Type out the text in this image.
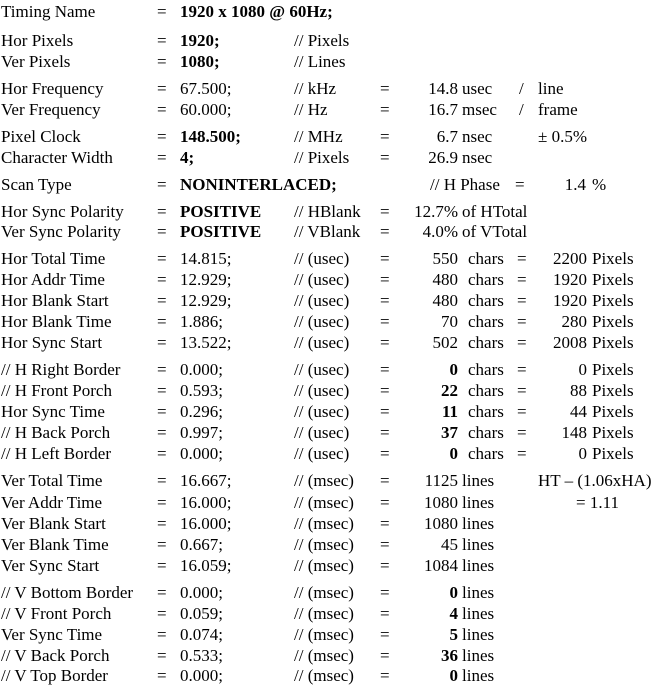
Timing Name	= 1920 x 1080 @ 60Hz;
Hor Pixels	= 1920;	// Pixels
Ver Pixels	= 1080;	// Lines
Hor Frequency	= 67.500;	// kHz	=	14.8 usec / line
Ver Frequency	= 60.000;	// Hz	=	16.7 msec / frame
Pixel Clock	= 148.500;	// MHz =	6.7 nsec	± 0.5%
Character Width	= 4;	// Pixels =	26.9 nsec
Scan Type	= NONINTERLACED;	// H Phase =	1.4 %
Hor Sync Polarity = POSITIVE // HBlank =	12.7% of HTotal
Ver Sync Polarity = POSITIVE // VBlank =	4.0% of VTotal
Hor Total Time	= 14.815;	// (usec) =	550 chars =	2200 Pixels
Hor Addr Time	= 12.929;	// (usec) =	480 chars =	1920 Pixels
Hor Blank Start	= 12.929;	// (usec) =	480 chars =	1920 Pixels
Hor Blank Time	= 1.886;	// (usec) =	70 chars =	280 Pixels
Hor Sync Start	= 13.522;	// (usec) =	502 chars =	2008 Pixels
// H Right Border = 0.000;	// (usec) =	0 chars =	0 Pixels
// H Front Porch	= 0.593;	// (usec) =	22 chars =	88 Pixels
Hor Sync Time	= 0.296;	// (usec) =	11 chars =	44 Pixels
// H Back Porch	= 0.997;	// (usec) =	37 chars =	148 Pixels
// H Left Border	= 0.000;	// (usec) =	0 chars =	0 Pixels
Ver Total Time	= 16.667;	// (msec) =	1125 lines	HT – (1.06xHA)
Ver Addr Time	= 16.000;	// (msec) =	1080 lines	= 1.11
Ver Blank Start	= 16.000;	// (msec) =	1080 lines
Ver Blank Time	= 0.667;	// (msec) =	45 lines
Ver Sync Start	= 16.059;	// (msec) =	1084 lines
// V Bottom Border = 0.000;	// (msec) =	0 lines
// V Front Porch	= 0.059;	// (msec) =	4 lines
Ver Sync Time	= 0.074;	// (msec) =	5 lines
// V Back Porch	= 0.533;	// (msec) =	36 lines
// V Top Border	= 0.000;	// (msec) =	0 lines
